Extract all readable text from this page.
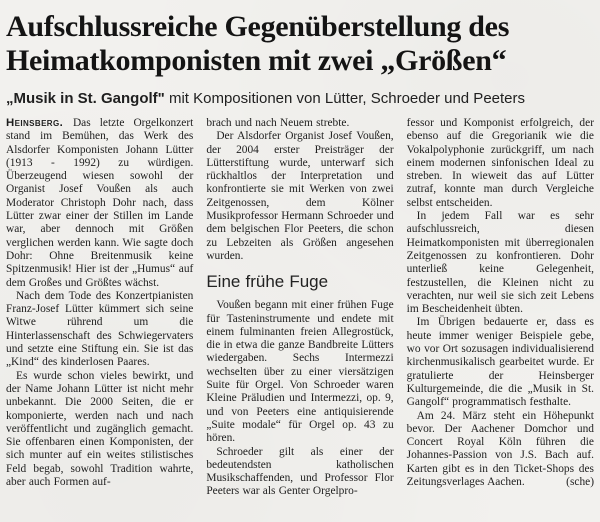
Aufschlussreiche Gegenüberstellung des
Heimatkomponisten mit zwei „Größen“
„Musik in St. Gangolf" mit Kompositionen von Lütter, Schroeder und Peeters

Heinsberg. Das letzte Orgelkonzert stand im Bemühen, das Werk des Alsdorfer Komponisten Johann Lütter (1913 - 1992) zu würdigen. Überzeugend wiesen sowohl der Organist Josef Voußen als auch Moderator Christoph Dohr nach, dass Lütter zwar einer der Stillen im Lande war, aber dennoch mit Größen verglichen werden kann. Wie sagte doch Dohr: Ohne Breitenmusik keine Spitzenmusik! Hier ist der „Humus“ auf dem Großes und Größtes wächst.

Nach dem Tode des Konzertpianisten Franz-Josef Lütter kümmert sich seine Witwe rührend um die Hinterlassenschaft des Schwiegervaters und setzte eine Stiftung ein. Sie ist das „Kind“ des kinderlosen Paares.

Es wurde schon vieles bewirkt, und der Name Johann Lütter ist nicht mehr unbekannt. Die 2000 Seiten, die er komponierte, werden nach und nach veröffentlicht und zugänglich gemacht. Sie offenbaren einen Komponisten, der sich munter auf ein weites stilistisches Feld begab, sowohl Tradition wahrte, aber auch Formen auf-

brach und nach Neuem strebte.

Der Alsdorfer Organist Josef Voußen, der 2004 erster Preisträger der Lütterstiftung wurde, unterwarf sich rückhaltlos der Interpretation und konfrontierte sie mit Werken von zwei Zeitgenossen, dem Kölner Musikprofessor Hermann Schroeder und dem belgischen Flor Peeters, die schon zu Lebzeiten als Größen angesehen wurden.

Eine frühe Fuge

Voußen begann mit einer frühen Fuge für Tasteninstrumente und endete mit einem fulminanten freien Allegrostück, die in etwa die ganze Bandbreite Lütters wiedergaben. Sechs Intermezzi wechselten über zu einer viersätzigen Suite für Orgel. Von Schroeder waren Kleine Präludien und Intermezzi, op. 9, und von Peeters eine antiquisierende „Suite modale“ für Orgel op. 43 zu hören.

Schroeder gilt als einer der bedeutendsten katholischen Musikschaffenden, und Professor Flor Peeters war als Genter Orgelpro-

fessor und Komponist erfolgreich, der ebenso auf die Gregorianik wie die Vokalpolyphonie zurückgriff, um nach einem modernen sinfonischen Ideal zu streben. In wieweit das auf Lütter zutraf, konnte man durch Vergleiche selbst entscheiden.

In jedem Fall war es sehr aufschlussreich, diesen Heimatkomponisten mit überregionalen Zeitgenossen zu konfrontieren. Dohr unterließ keine Gelegenheit, festzustellen, die Kleinen nicht zu verachten, nur weil sie sich zeit Lebens im Bescheidenheit übten.

Im Übrigen bedauerte er, dass es heute immer weniger Beispiele gebe, wo vor Ort sozusagen individualisierend kirchenmusikalisch gearbeitet wurde. Er gratulierte der Heinsberger Kulturgemeinde, die die „Musik in St. Gangolf“ programmatisch festhalte.

Am 24. März steht ein Höhepunkt bevor. Der Aachener Domchor und Concert Royal Köln führen die Johannes-Passion von J.S. Bach auf. Karten gibt es in den Ticket-Shops des Zeitungsverlages Aachen.	(sche)
